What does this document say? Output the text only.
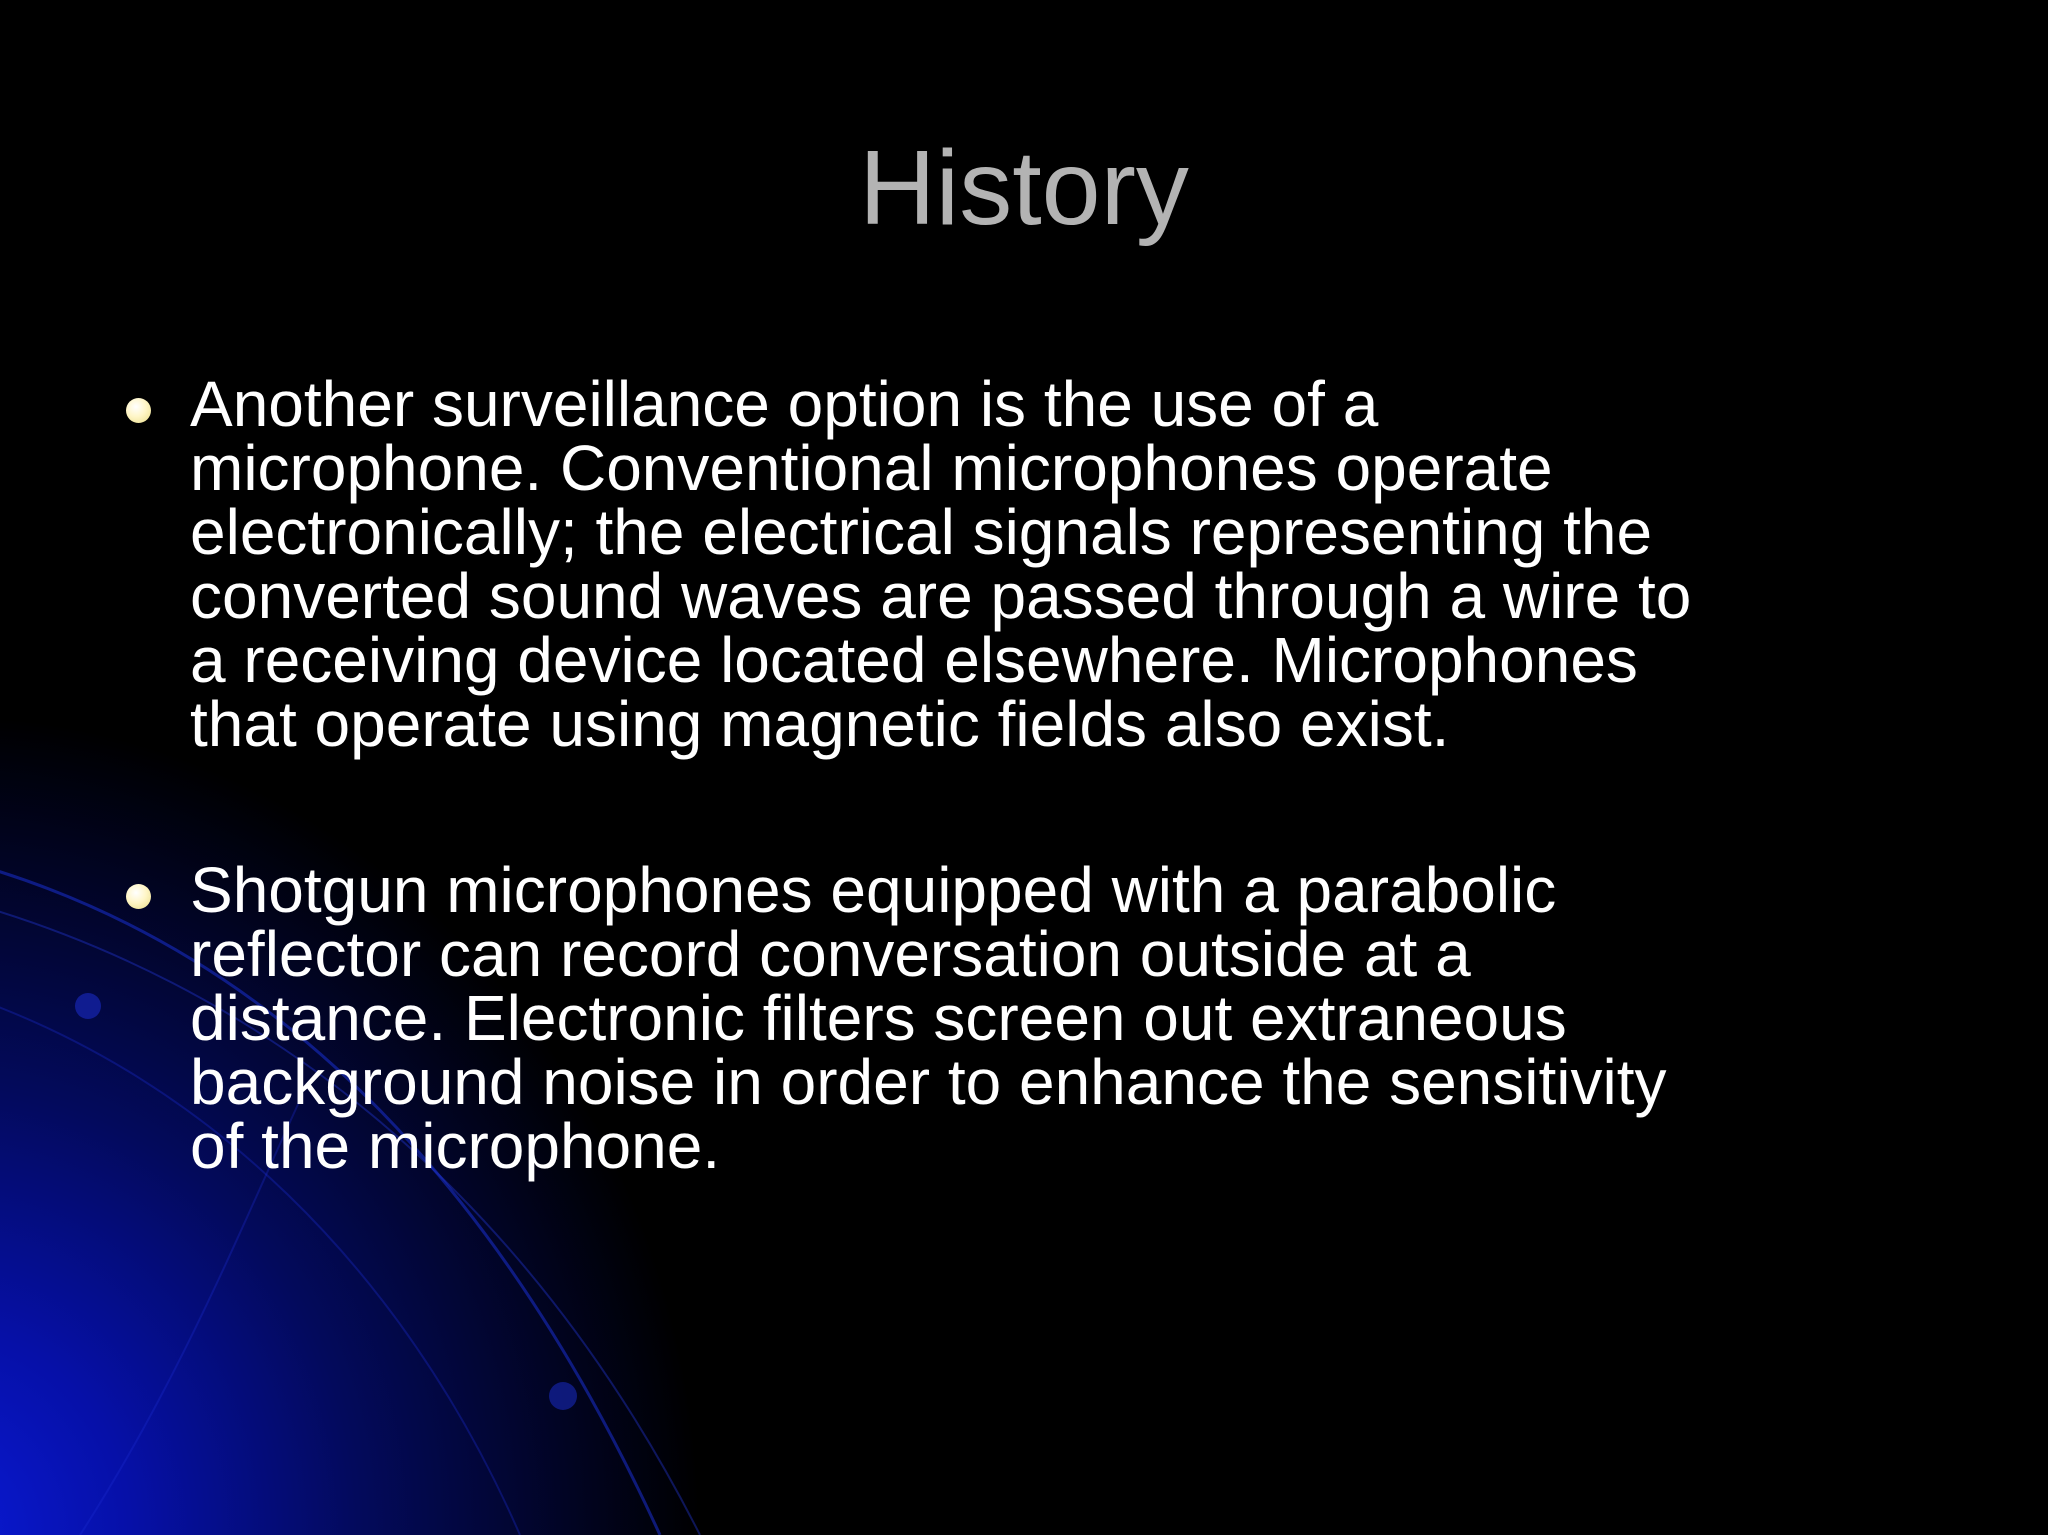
History
Another surveillance option is the use of a
microphone. Conventional microphones operate
electronically; the electrical signals representing the
converted sound waves are passed through a wire to
a receiving device located elsewhere. Microphones
that operate using magnetic fields also exist.
Shotgun microphones equipped with a parabolic
reflector can record conversation outside at a
distance. Electronic filters screen out extraneous
background noise in order to enhance the sensitivity
of the microphone.
